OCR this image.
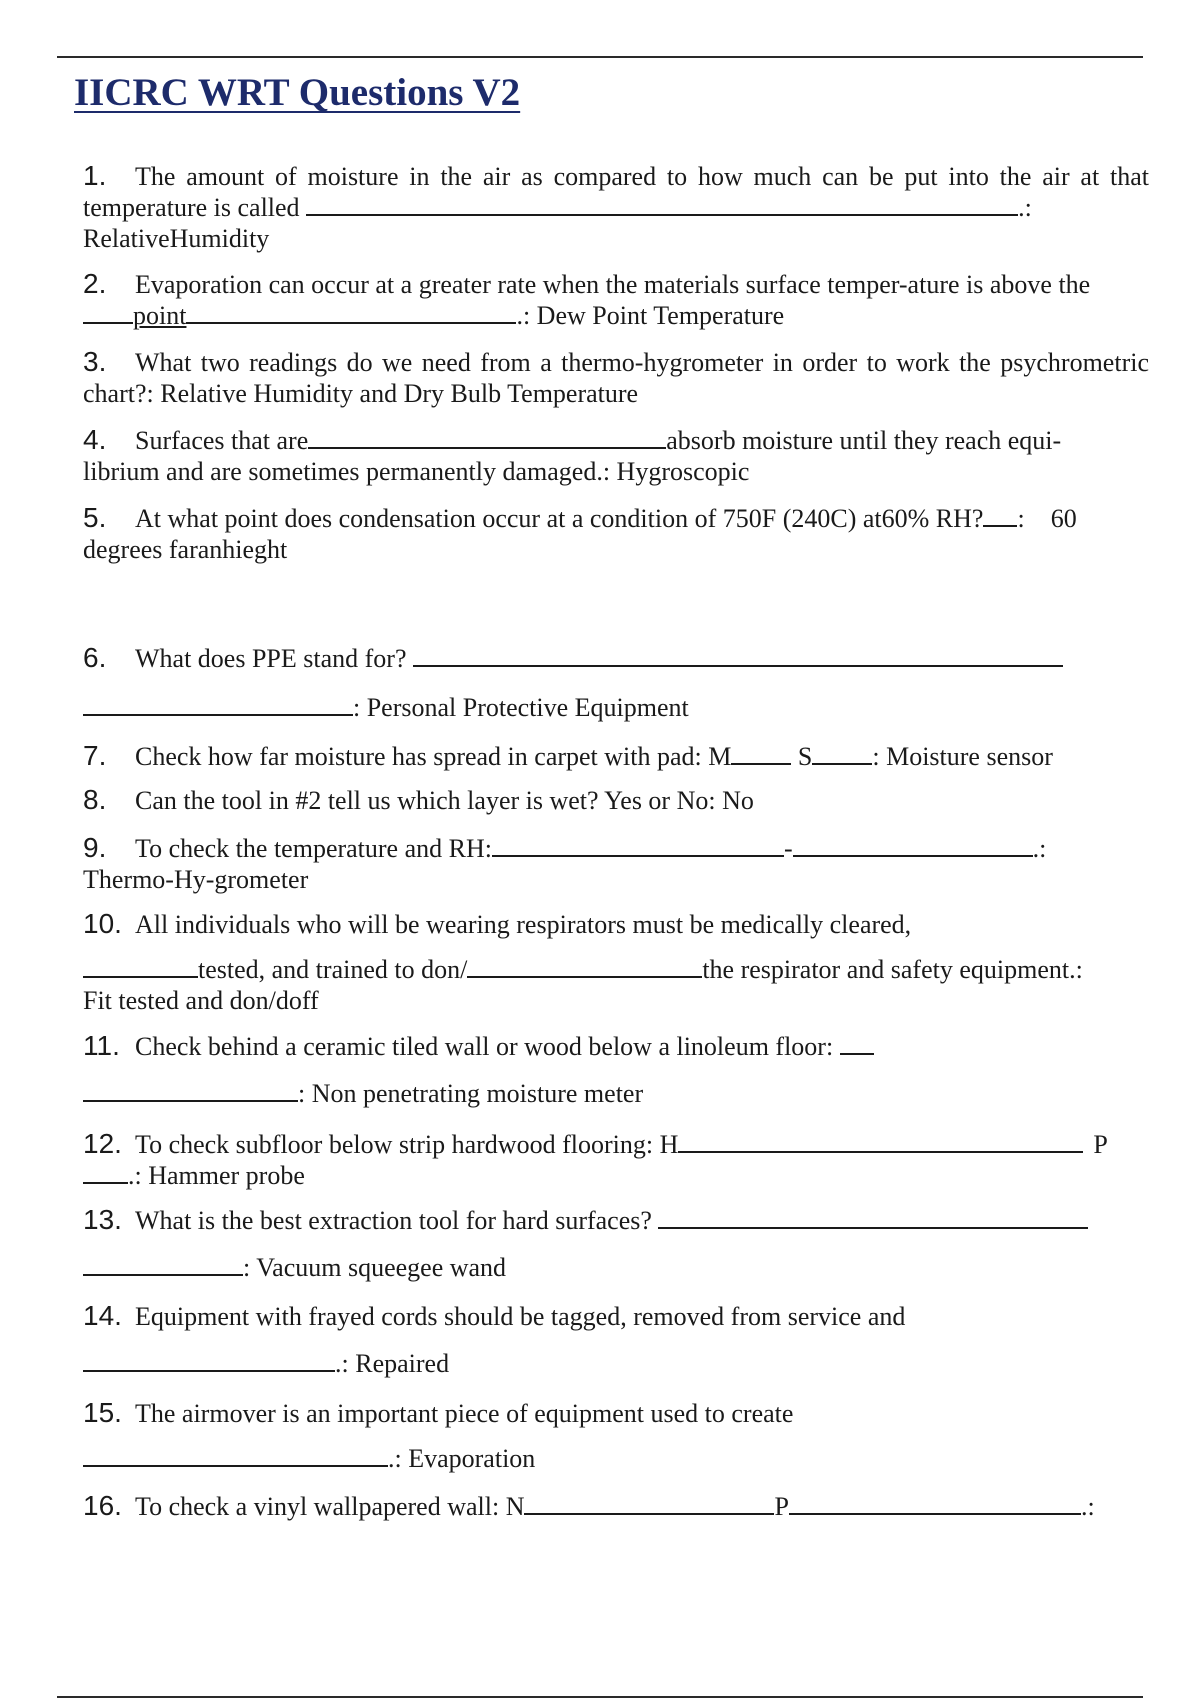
IICRC WRT Questions V2
1. The amount of moisture in the air as compared to how much can be put into the air at that temperature is called	.:
RelativeHumidity
2. Evaporation can occur at a greater rate when the materials surface temper-ature is above the
point	.: Dew Point Temperature
3. What two readings do we need from a thermo-hygrometer in order to work the psychrometric chart?: Relative Humidity and Dry Bulb Temperature
4. Surfaces that are	absorb moisture until they reach equi-
librium and are sometimes permanently damaged.: Hygroscopic
5. At what point does condensation occur at a condition of 750F (240C) at60% RH? : 60
degrees faranhieght
6. What does PPE stand for?
: Personal Protective Equipment
7. Check how far moisture has spread in carpet with pad: M	S : Moisture sensor
8. Can the tool in #2 tell us which layer is wet? Yes or No: No
9. To check the temperature and RH:	-	.:
Thermo-Hy-grometer
10. All individuals who will be wearing respirators must be medically cleared,
tested, and trained to don/	the respirator and safety equipment.:
Fit tested and don/doff
11. Check behind a ceramic tiled wall or wood below a linoleum floor:
: Non penetrating moisture meter
12. To check subfloor below strip hardwood flooring: H	P
.: Hammer probe
13. What is the best extraction tool for hard surfaces?
: Vacuum squeegee wand
14. Equipment with frayed cords should be tagged, removed from service and
.: Repaired
15. The airmover is an important piece of equipment used to create
.: Evaporation
16. To check a vinyl wallpapered wall: N	P	.:
